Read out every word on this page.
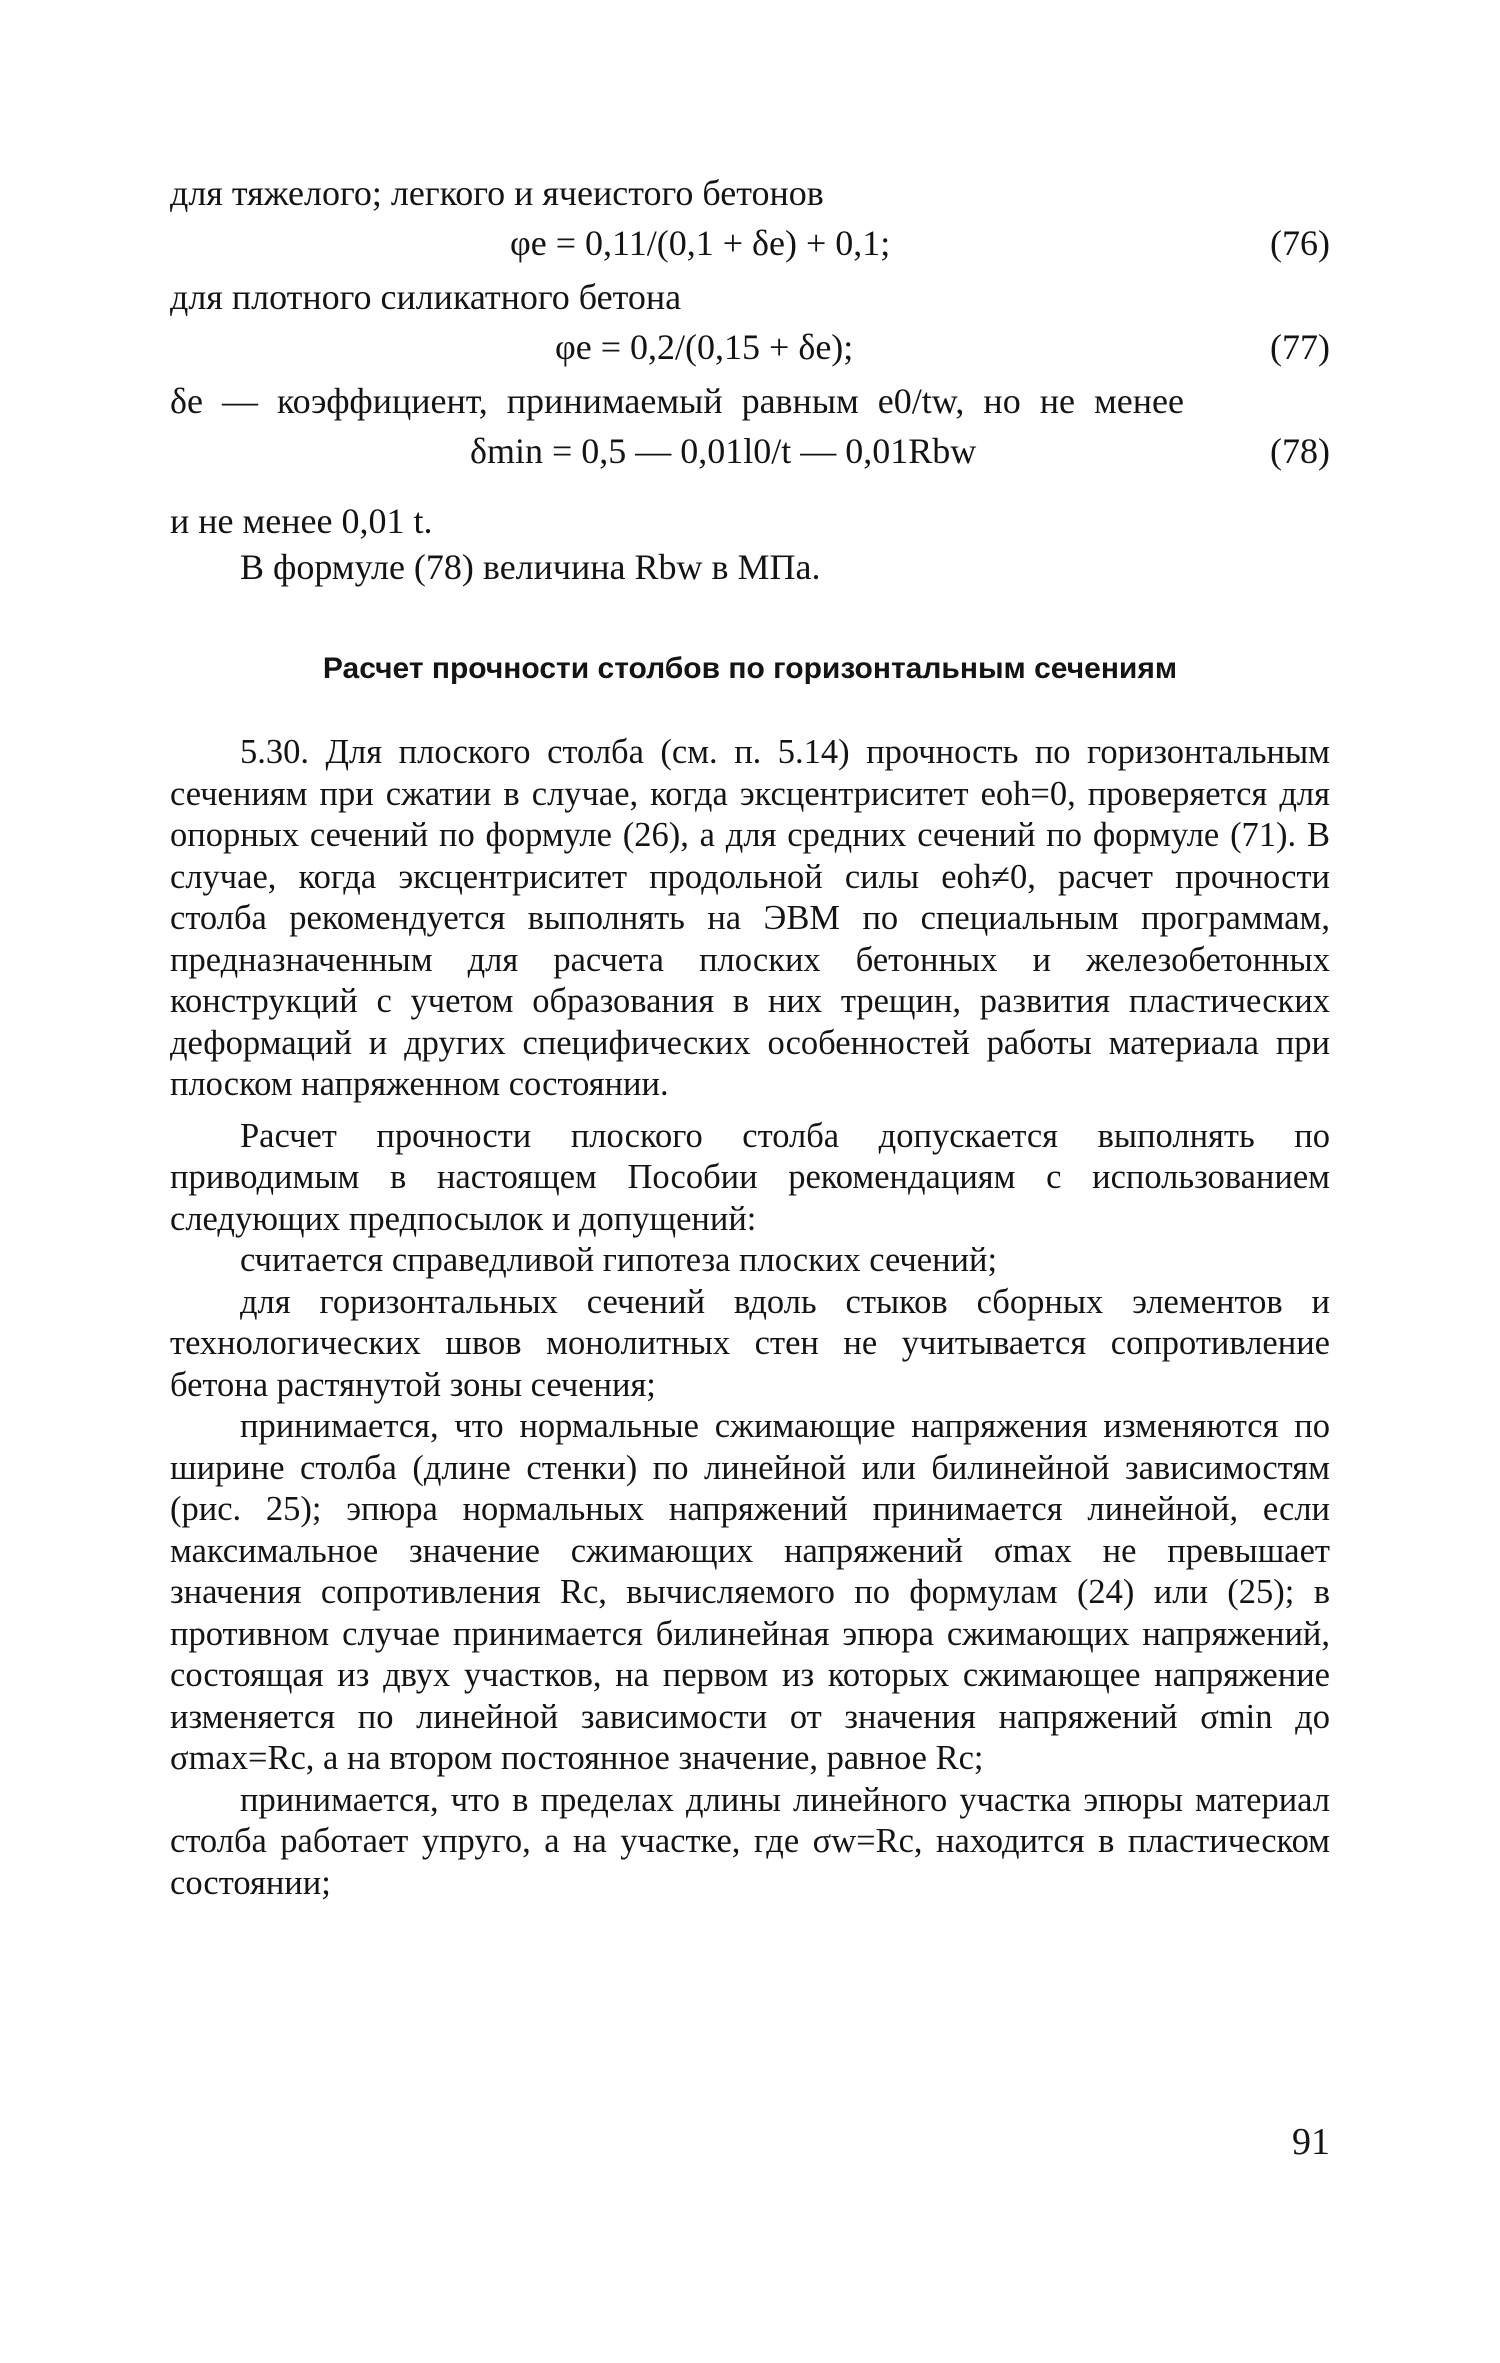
для тяжелого; легкого и ячеистого бетонов

φe = 0,11/(0,1 + δe) + 0,1;	(76)

для плотного силикатного бетона

φe = 0,2/(0,15 + δe);	(77)

δe — коэффициент, принимаемый равным e0/tw, но не менее

δmin = 0,5 — 0,01l0/t — 0,01Rbw	(78)

и не менее 0,01 t.

В формуле (78) величина Rbw в МПа.

Расчет прочности столбов по горизонтальным сечениям

5.30. Для плоского столба (см. п. 5.14) прочность по горизонтальным сечениям при сжатии в случае, когда эксцентриситет eoh=0, проверяется для опорных сечений по формуле (26), а для средних сечений по формуле (71). В случае, когда эксцентриситет продольной силы eoh≠0, расчет прочности столба рекомендуется выполнять на ЭВМ по специальным программам, предназначенным для расчета плоских бетонных и железобетонных конструкций с учетом образования в них трещин, развития пластических деформаций и других специфических особенностей работы материала при плоском напряженном состоянии.

Расчет прочности плоского столба допускается выполнять по приводимым в настоящем Пособии рекомендациям с использованием следующих предпосылок и допущений:

считается справедливой гипотеза плоских сечений;

для горизонтальных сечений вдоль стыков сборных элементов и технологических швов монолитных стен не учитывается сопротивление бетона растянутой зоны сечения;

принимается, что нормальные сжимающие напряжения изменяются по ширине столба (длине стенки) по линейной или билинейной зависимостям (рис. 25); эпюра нормальных напряжений принимается линейной, если максимальное значение сжимающих напряжений σmax не превышает значения сопротивления Rc, вычисляемого по формулам (24) или (25); в противном случае принимается билинейная эпюра сжимающих напряжений, состоящая из двух участков, на первом из которых сжимающее напряжение изменяется по линейной зависимости от значения напряжений σmin до σmax=Rc, а на втором постоянное значение, равное Rc;

принимается, что в пределах длины линейного участка эпюры материал столба работает упруго, а на участке, где σw=Rc, находится в пластическом состоянии;

91
